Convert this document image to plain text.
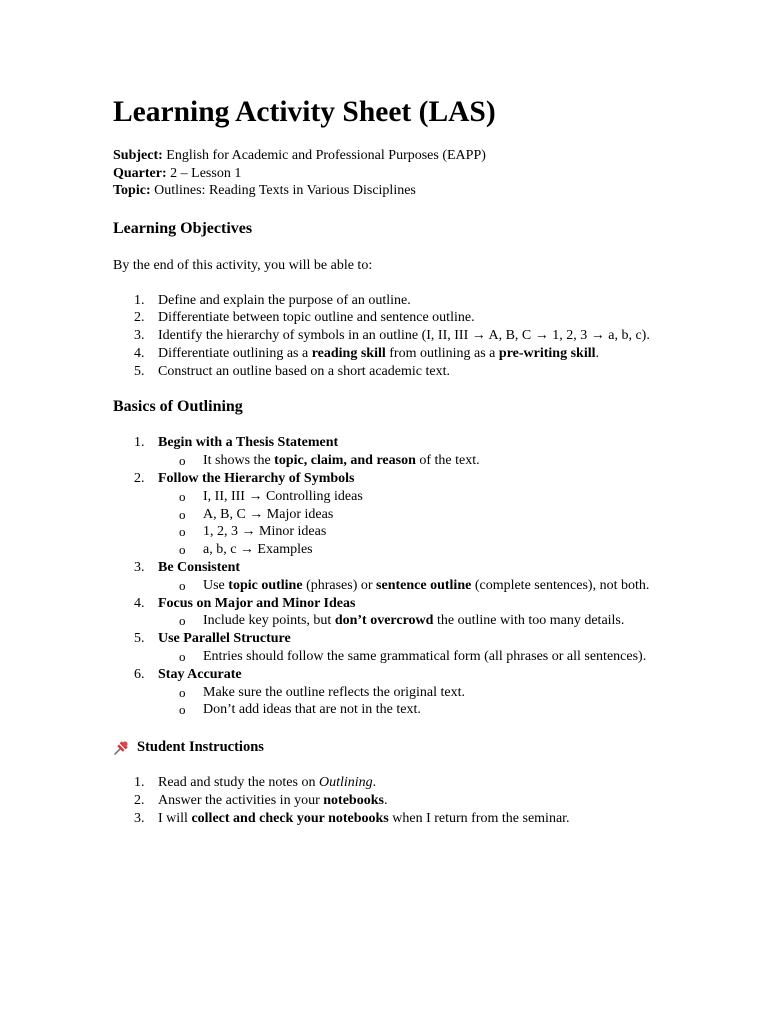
Learning Activity Sheet (LAS)
Subject: English for Academic and Professional Purposes (EAPP)
Quarter: 2 – Lesson 1
Topic: Outlines: Reading Texts in Various Disciplines
Learning Objectives

By the end of this activity, you will be able to:

1. Define and explain the purpose of an outline.
2. Differentiate between topic outline and sentence outline.
3. Identify the hierarchy of symbols in an outline (I, II, III → A, B, C → 1, 2, 3 → a, b, c).
4. Differentiate outlining as a reading skill from outlining as a pre-writing skill.
5. Construct an outline based on a short academic text.
Basics of Outlining
1. Begin with a Thesis Statement
o It shows the topic, claim, and reason of the text.
2. Follow the Hierarchy of Symbols
o I, II, III → Controlling ideas
o A, B, C → Major ideas
o 1, 2, 3 → Minor ideas
o a, b, c → Examples
3. Be Consistent
o Use topic outline (phrases) or sentence outline (complete sentences), not both.
4. Focus on Major and Minor Ideas
o Include key points, but don’t overcrowd the outline with too many details.
5. Use Parallel Structure
o Entries should follow the same grammatical form (all phrases or all sentences).
6. Stay Accurate
o Make sure the outline reflects the original text.
o Don’t add ideas that are not in the text.
Student Instructions
1. Read and study the notes on Outlining.
2. Answer the activities in your notebooks.
3. I will collect and check your notebooks when I return from the seminar.
